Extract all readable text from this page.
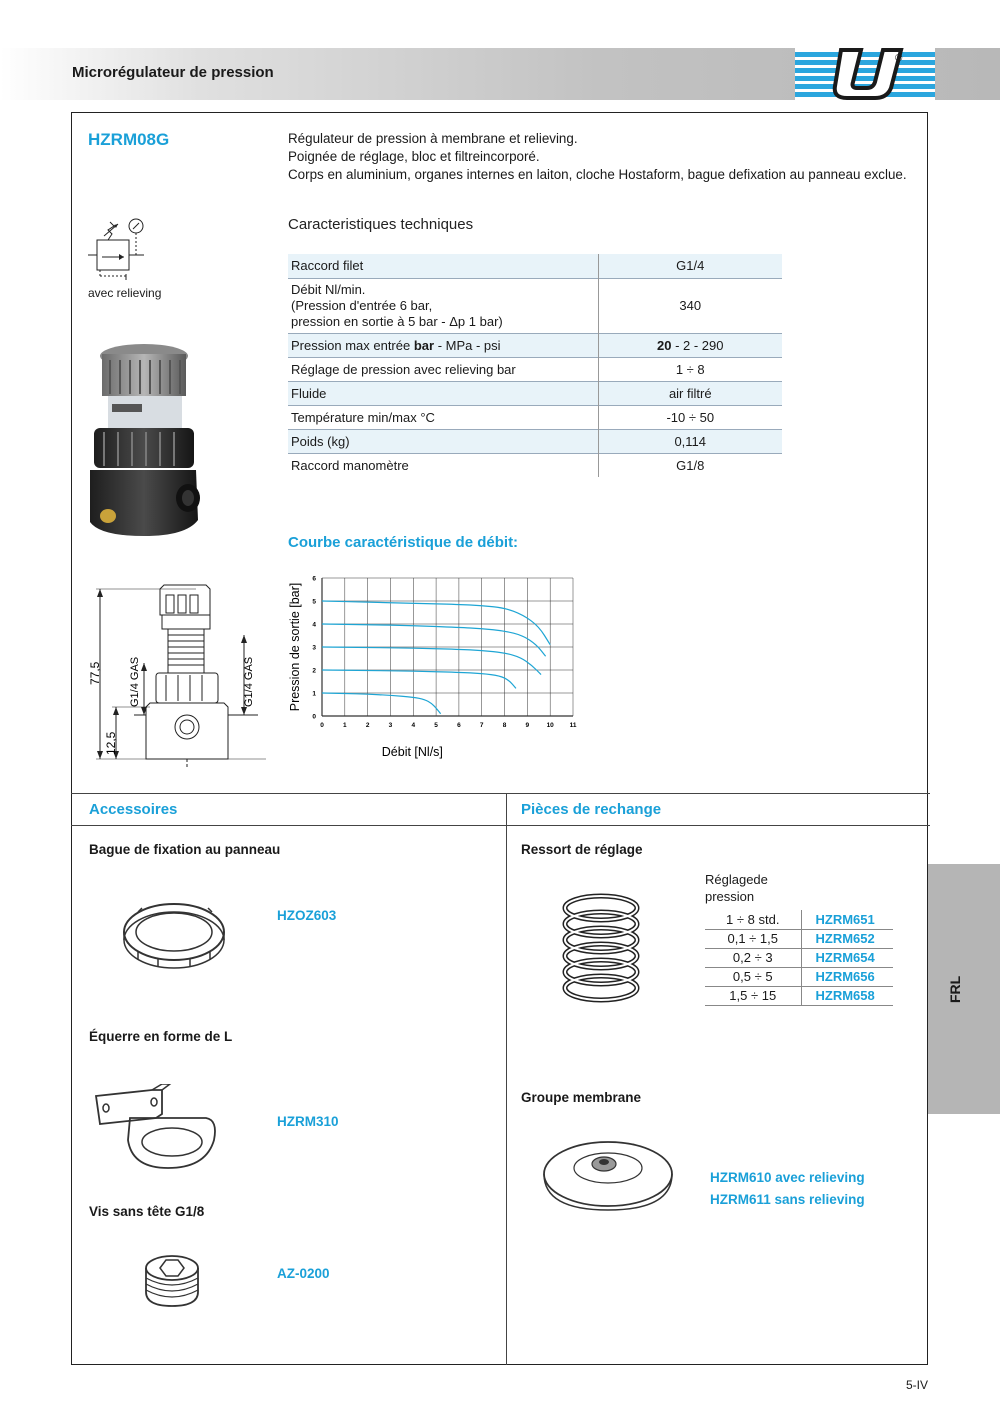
Microrégulateur de pression
®
HZRM08G	Régulateur de pression à membrane et relieving.

Poignée de réglage, bloc et filtreincorporé.

Corps en aluminium, organes internes en laiton, cloche Hostaform, bague defixation au panneau exclue.

avec relieving
77,5
12,5
G1/4 GAS	G1/4 GAS
Caracteristiques techniques
Raccord filet	G1/4

Débit Nl/min.
(Pression d'entrée 6 bar,
pression en sortie à 5 bar - Δp 1 bar)	340
Pression max entrée bar - MPa - psi	20 - 2 - 290
Réglage de pression avec relieving bar	1 ÷ 8
Fluide	air filtré
Température min/max °C	-10 ÷ 50
Poids (kg)	0,114
Raccord manomètre	G1/8
Courbe caractéristique de débit:
0	1	2	3	4	5	6	7	8	9	10 11
0
1
2
3
4
5
6
Débit [Nl/s]
Pression de sortie [bar]
Accessoires	Pièces de rechange
Bague de fixation au panneau
HZOZ603
Équerre en forme de L
HZRM310
Vis sans tête G1/8
AZ-0200
Ressort de réglage
Réglagede
pression
1 ÷ 8 std.	HZRM651
0,1 ÷ 1,5	HZRM652
0,2 ÷ 3	HZRM654
0,5 ÷ 5	HZRM656
1,5 ÷ 15	HZRM658
Groupe membrane
HZRM610 avec relieving
HZRM611 sans relieving
FRL
5-IV
